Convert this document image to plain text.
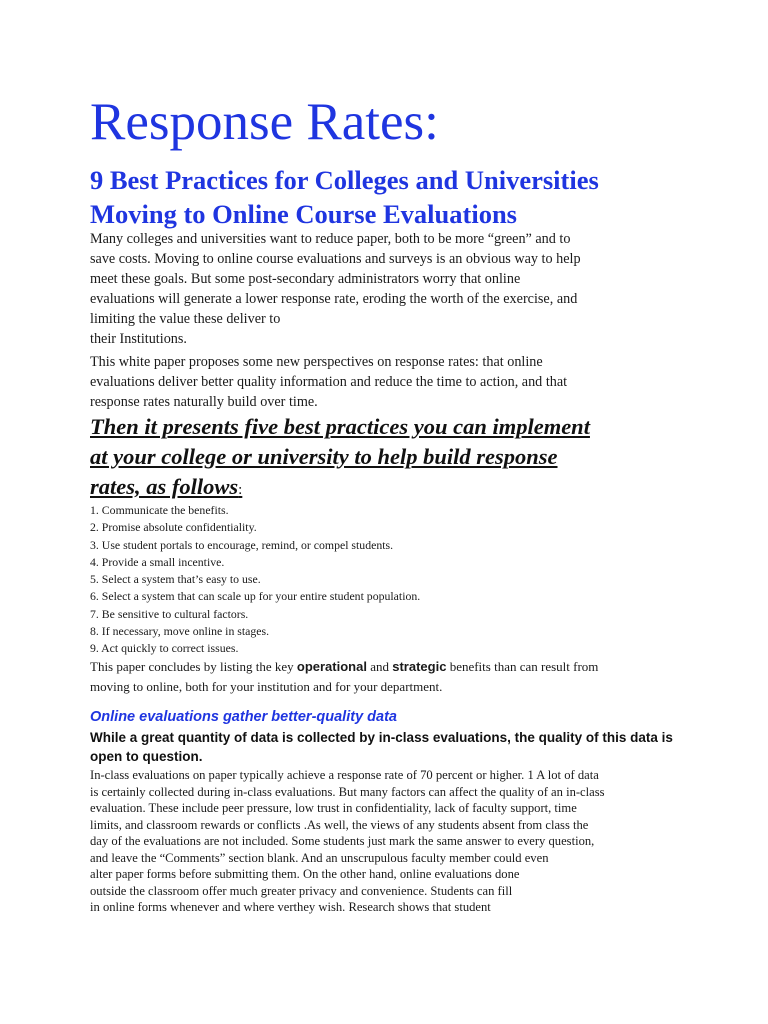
Response Rates:
9 Best Practices for Colleges and Universities
Moving to Online Course Evaluations

Many colleges and universities want to reduce paper, both to be more “green” and to
save costs. Moving to online course evaluations and surveys is an obvious way to help
meet these goals. But some post-secondary administrators worry that online
evaluations will generate a lower response rate, eroding the worth of the exercise, and
limiting the value these deliver to
their Institutions.

This white paper proposes some new perspectives on response rates: that online
evaluations deliver better quality information and reduce the time to action, and that
response rates naturally build over time.

Then it presents five best practices you can implement
at your college or university to help build response
rates, as follows:

1. Communicate the benefits.
2. Promise absolute confidentiality.
3. Use student portals to encourage, remind, or compel students.
4. Provide a small incentive.
5. Select a system that’s easy to use.
6. Select a system that can scale up for your entire student population.
7. Be sensitive to cultural factors.
8. If necessary, move online in stages.
9. Act quickly to correct issues.

This paper concludes by listing the key operational and strategic benefits than can result from
moving to online, both for your institution and for your department.

Online evaluations gather better-quality data

While a great quantity of data is collected by in-class evaluations, the quality of this data is
open to question.

In-class evaluations on paper typically achieve a response rate of 70 percent or higher. 1 A lot of data
is certainly collected during in-class evaluations. But many factors can affect the quality of an in-class
evaluation. These include peer pressure, low trust in confidentiality, lack of faculty support, time
limits, and classroom rewards or conflicts .As well, the views of any students absent from class the
day of the evaluations are not included. Some students just mark the same answer to every question,
and leave the “Comments” section blank. And an unscrupulous faculty member could even
alter paper forms before submitting them. On the other hand, online evaluations done
outside the classroom offer much greater privacy and convenience. Students can fill
in online forms whenever and where verthey wish. Research shows that student
